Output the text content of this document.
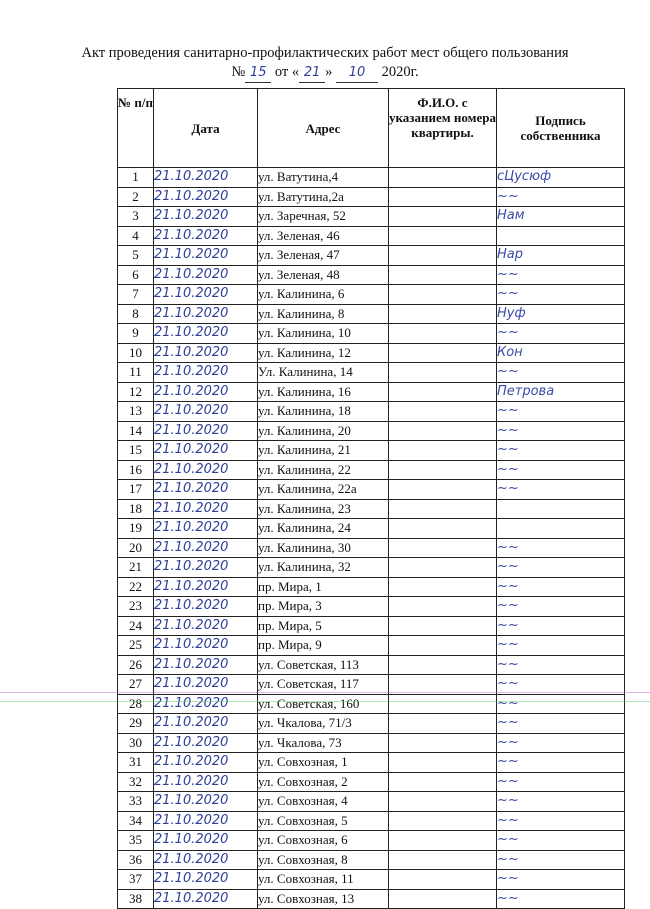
Акт проведения санитарно-профилактических работ мест общего пользования
№ 15 от « 21 » 10 2020г.
№ п/п	Дата	Адрес	Ф.И.О. с указанием номера квартиры.	Подпись собственника
1	21.10.2020	ул. Ватутина,4		сЦусюф
2	21.10.2020	ул. Ватутина,2а		~~
3	21.10.2020	ул. Заречная, 52		Нам
4	21.10.2020	ул. Зеленая, 46		
5	21.10.2020	ул. Зеленая, 47		Нар
6	21.10.2020	ул. Зеленая, 48		~~
7	21.10.2020	ул. Калинина, 6		~~
8	21.10.2020	ул. Калинина, 8		Нуф
9	21.10.2020	ул. Калинина, 10		~~
10	21.10.2020	ул. Калинина, 12		Кон
11	21.10.2020	Ул. Калинина, 14		~~
12	21.10.2020	ул. Калинина, 16		Петрова
13	21.10.2020	ул. Калинина, 18		~~
14	21.10.2020	ул. Калинина, 20		~~
15	21.10.2020	ул. Калинина, 21		~~
16	21.10.2020	ул. Калинина, 22		~~
17	21.10.2020	ул. Калинина, 22а		~~
18	21.10.2020	ул. Калинина, 23		
19	21.10.2020	ул. Калинина, 24		
20	21.10.2020	ул. Калинина, 30		~~
21	21.10.2020	ул. Калинина, 32		~~
22	21.10.2020	пр. Мира, 1		~~
23	21.10.2020	пр. Мира, 3		~~
24	21.10.2020	пр. Мира, 5		~~
25	21.10.2020	пр. Мира, 9		~~
26	21.10.2020	ул. Советская, 113		~~
27	21.10.2020	ул. Советская, 117		~~
28	21.10.2020	ул. Советская, 160		~~
29	21.10.2020	ул. Чкалова, 71/3		~~
30	21.10.2020	ул. Чкалова, 73		~~
31	21.10.2020	ул. Совхозная, 1		~~
32	21.10.2020	ул. Совхозная, 2		~~
33	21.10.2020	ул. Совхозная, 4		~~
34	21.10.2020	ул. Совхозная, 5		~~
35	21.10.2020	ул. Совхозная, 6		~~
36	21.10.2020	ул. Совхозная, 8		~~
37	21.10.2020	ул. Совхозная, 11		~~
38	21.10.2020	ул. Совхозная, 13		~~
